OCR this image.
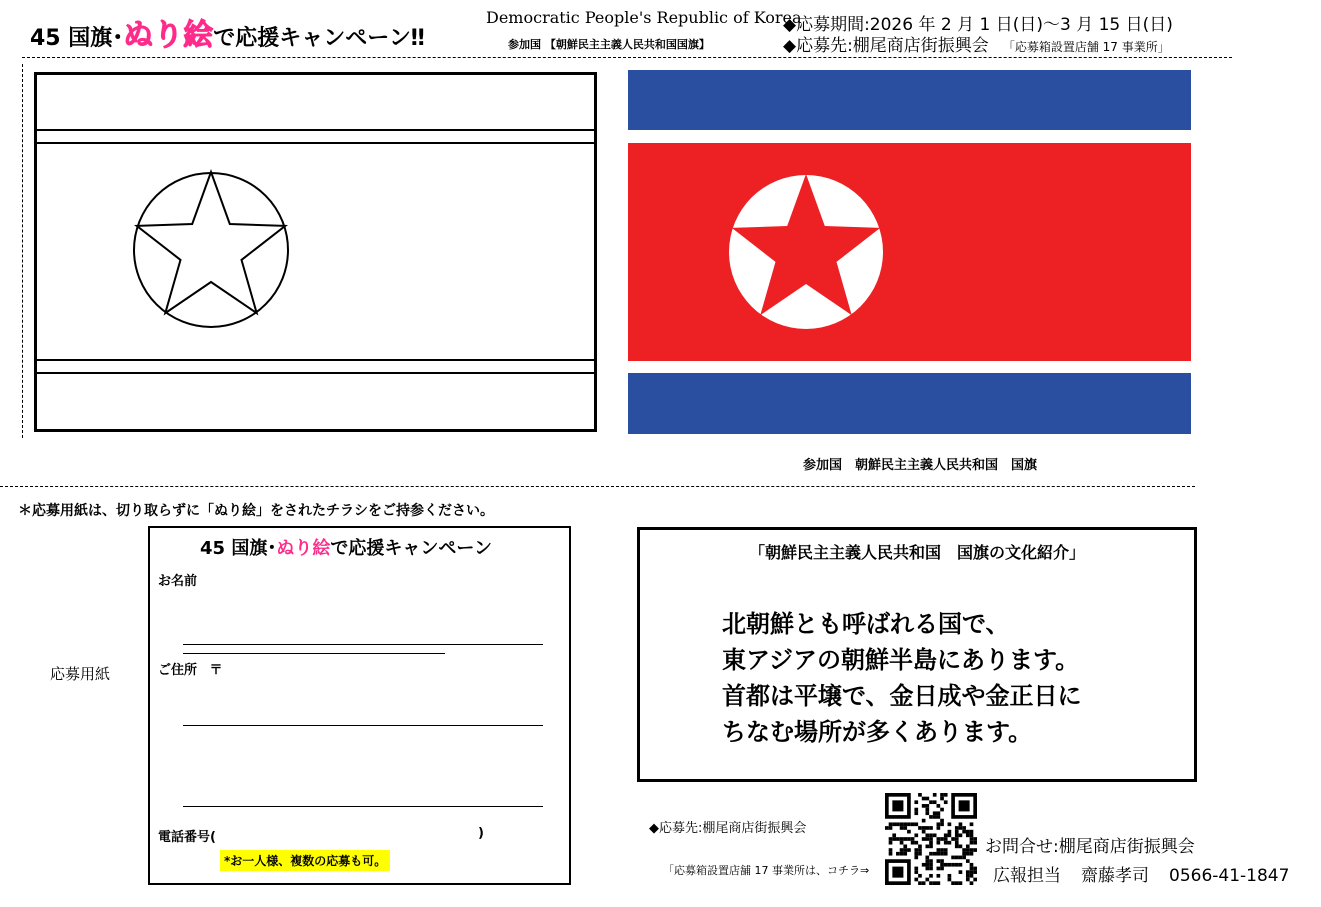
45 国旗･ぬり絵で応援キャンペーン‼
Democratic People's Republic of Korea
参加国 【朝鮮民主主義人民共和国国旗】
◆応募期間:2026 年 2 月 1 日(日)～3 月 15 日(日)
◆応募先:棚尾商店街振興会 「応募箱設置店舗 17 事業所」
参加国　朝鮮民主主義人民共和国　国旗
＊応募用紙は、切り取らずに「ぬり絵」をされたチラシをご持参ください。
応募用紙
45 国旗･ぬり絵で応援キャンペーン
お名前
ご住所 〒
電話番号(	)
*お一人様、複数の応募も可。
「朝鮮民主主義人民共和国　国旗の文化紹介」
北朝鮮とも呼ばれる国で、
東アジアの朝鮮半島にあります。
首都は平壌で、金日成や金正日に
ちなむ場所が多くあります。
◆応募先:棚尾商店街振興会
「応募箱設置店舗 17 事業所は、コチラ⇒
お問合せ:棚尾商店街振興会
広報担当 齋藤孝司 0566-41-1847
